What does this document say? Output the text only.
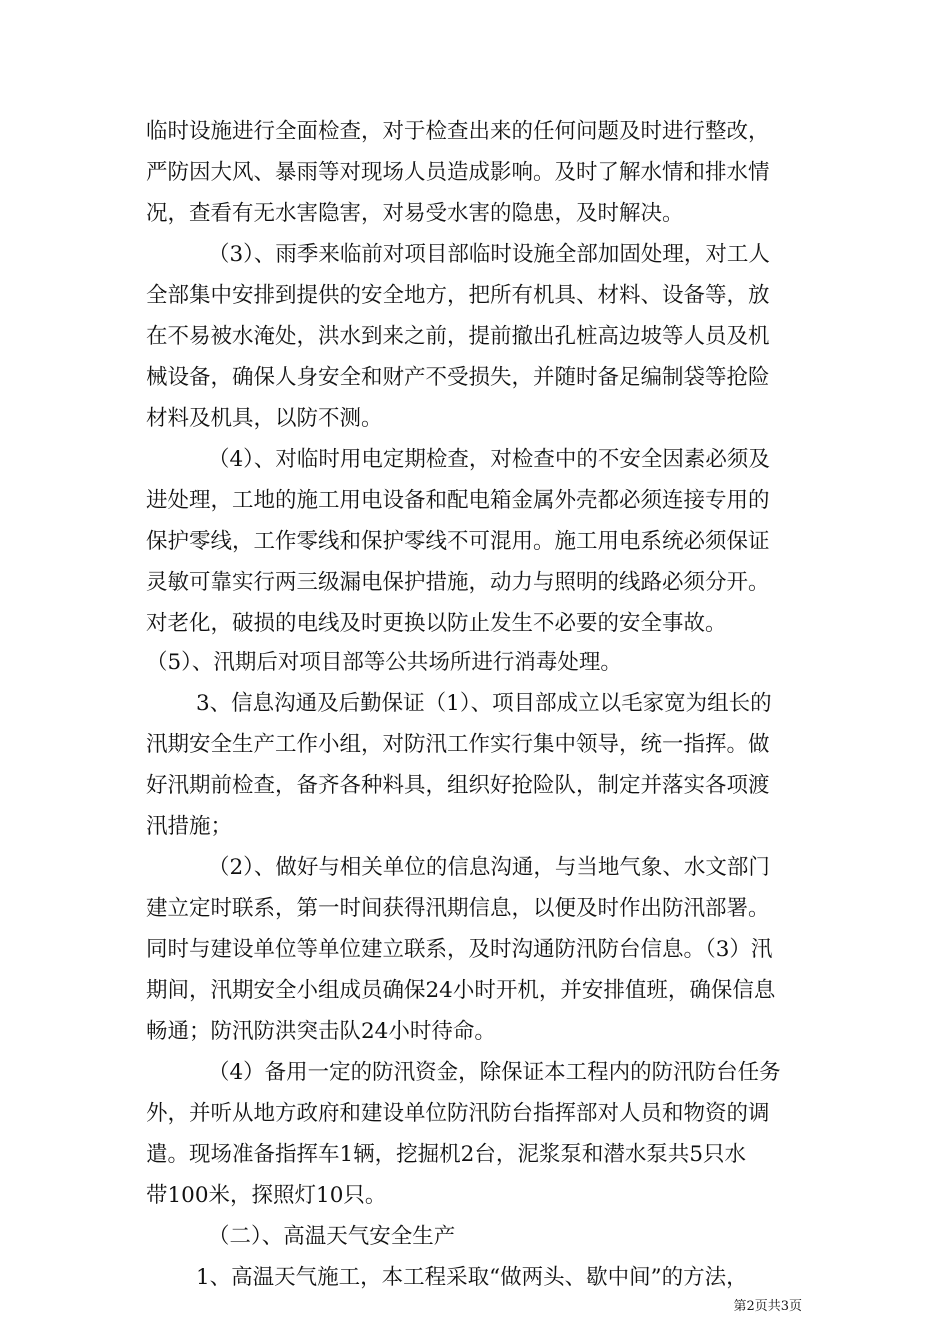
临时设施进行全面检查，对于检查出来的任何问题及时进行整改，
严防因大风、暴雨等对现场人员造成影响。及时了解水情和排水情
况，查看有无水害隐害，对易受水害的隐患，及时解决。
（3）、雨季来临前对项目部临时设施全部加固处理，对工人
全部集中安排到提供的安全地方，把所有机具、材料、设备等，放
在不易被水淹处，洪水到来之前，提前撤出孔桩高边坡等人员及机
械设备，确保人身安全和财产不受损失，并随时备足编制袋等抢险
材料及机具，以防不测。
（4）、对临时用电定期检查，对检查中的不安全因素必须及
进处理，工地的施工用电设备和配电箱金属外壳都必须连接专用的
保护零线，工作零线和保护零线不可混用。施工用电系统必须保证
灵敏可靠实行两三级漏电保护措施，动力与照明的线路必须分开。
对老化，破损的电线及时更换以防止发生不必要的安全事故。
（5）、汛期后对项目部等公共场所进行消毒处理。
3、信息沟通及后勤保证（1）、项目部成立以毛家宽为组长的
汛期安全生产工作小组，对防汛工作实行集中领导，统一指挥。做
好汛期前检查，备齐各种料具，组织好抢险队，制定并落实各项渡
汛措施；
（2）、做好与相关单位的信息沟通，与当地气象、水文部门
建立定时联系，第一时间获得汛期信息，以便及时作出防汛部署。
同时与建设单位等单位建立联系，及时沟通防汛防台信息。（3）汛
期间，汛期安全小组成员确保24小时开机，并安排值班，确保信息
畅通；防汛防洪突击队24小时待命。
（4）备用一定的防汛资金，除保证本工程内的防汛防台任务
外，并听从地方政府和建设单位防汛防台指挥部对人员和物资的调
遣。现场准备指挥车1辆，挖掘机2台，泥浆泵和潜水泵共5只水
带100米，探照灯10只。
（二）、高温天气安全生产
1、高温天气施工，本工程采取“做两头、歇中间”的方法，
第2页共3页
